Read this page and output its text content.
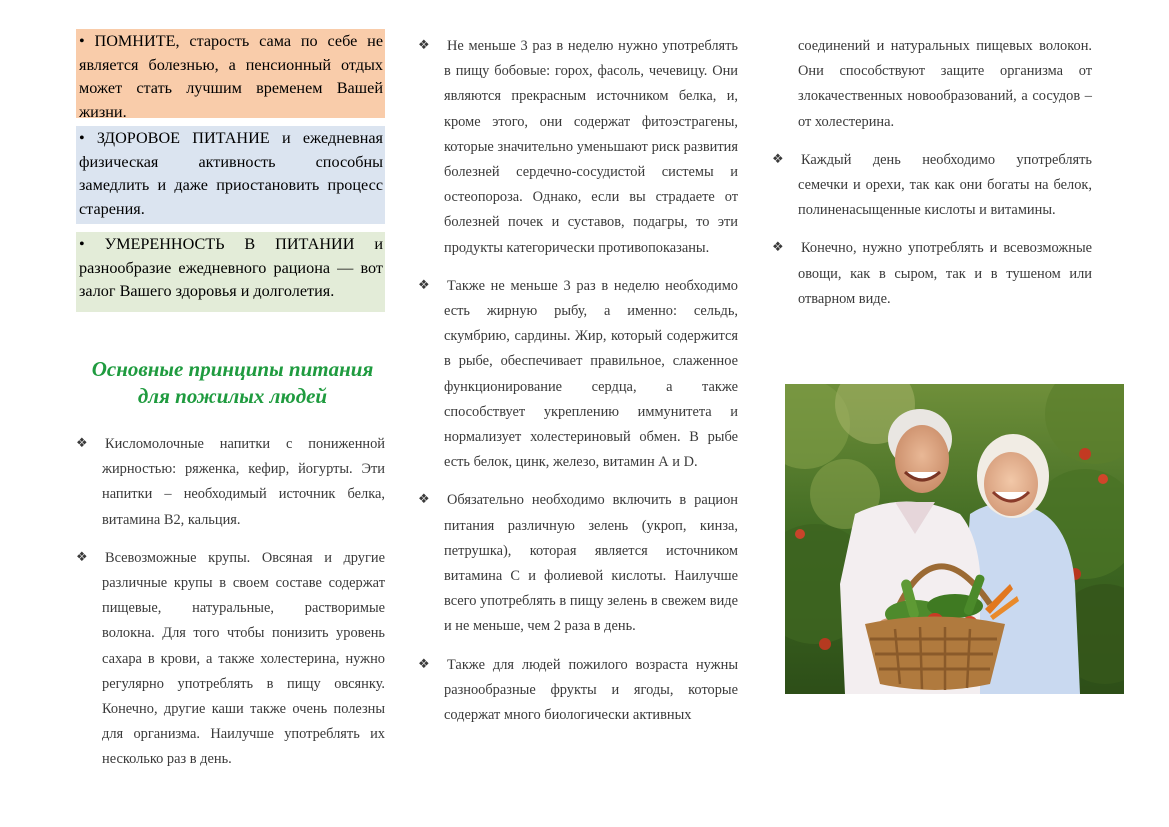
• ПОМНИТЕ, старость сама по себе не является болезнью, а пенсионный отдых может стать лучшим временем Вашей жизни.
• ЗДОРОВОЕ ПИТАНИЕ и ежедневная физическая активность способны замедлить и даже приостановить процесс старения.
• УМЕРЕННОСТЬ В ПИТАНИИ и разнообразие ежедневного рациона — вот залог Вашего здоровья и долголетия.
Основные принципы питания для пожилых людей
❖ Кисломолочные напитки с пониженной жирностью: ряженка, кефир, йогурты. Эти напитки – необходимый источник белка, витамина В2, кальция.
❖ Всевозможные крупы. Овсяная и другие различные крупы в своем составе содержат пищевые, натуральные, растворимые волокна. Для того чтобы понизить уровень сахара в крови, а также холестерина, нужно регулярно употреблять в пищу овсянку. Конечно, другие каши также очень полезны для организма. Наилучше употреблять их несколько раз в день.
❖ Не меньше 3 раз в неделю нужно употреблять в пищу бобовые: горох, фасоль, чечевицу. Они являются прекрасным источником белка, и, кроме этого, они содержат фитоэстрагены, которые значительно уменьшают риск развития болезней сердечно-сосудистой системы и остеопороза. Однако, если вы страдаете от болезней почек и суставов, подагры, то эти продукты категорически противопоказаны.
❖ Также не меньше 3 раз в неделю необходимо есть жирную рыбу, а именно: сельдь, скумбрию, сардины. Жир, который содержится в рыбе, обеспечивает правильное, слаженное функционирование сердца, а также способствует укреплению иммунитета и нормализует холестериновый обмен. В рыбе есть белок, цинк, железо, витамин А и D.
❖ Обязательно необходимо включить в рацион питания различную зелень (укроп, кинза, петрушка), которая является источником витамина С и фолиевой кислоты. Наилучше всего употреблять в пищу зелень в свежем виде и не меньше, чем 2 раза в день.
❖ Также для людей пожилого возраста нужны разнообразные фрукты и ягоды, которые содержат много биологически активных
соединений и натуральных пищевых волокон. Они способствуют защите организма от злокачественных новообразований, а сосудов – от холестерина.
❖ Каждый день необходимо употреблять семечки и орехи, так как они богаты на белок, полиненасыщенные кислоты и витамины.
❖ Конечно, нужно употреблять и всевозможные овощи, как в сыром, так и в тушеном или отварном виде.
